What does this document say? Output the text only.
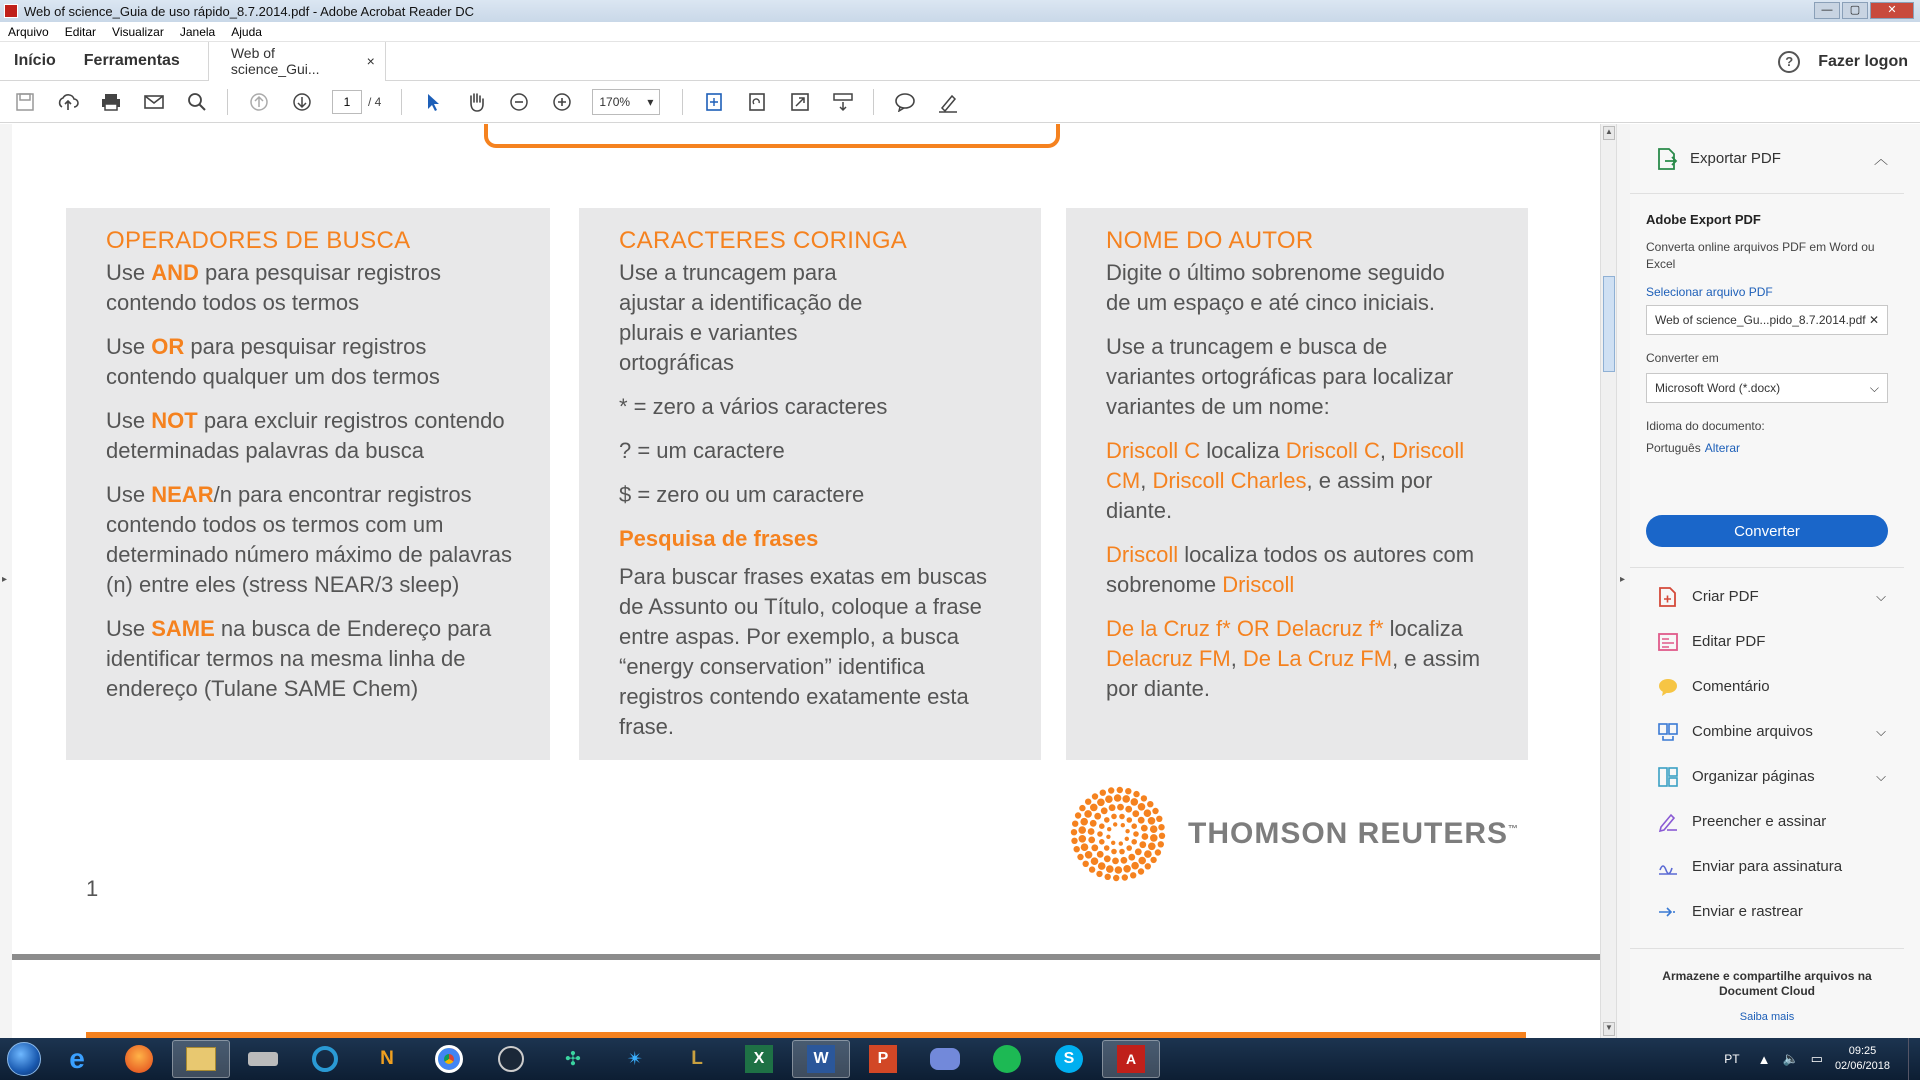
Web of science_Guia de uso rápido_8.7.2014.pdf - Adobe Acrobat Reader DC	—	▢	✕
Arquivo Editar Visualizar Janela Ajuda
Início	Ferramentas	Web of science_Gui...	×	?	Fazer logon
1
/ 4	170% ▾
▸
OPERADORES DE BUSCA

Use AND para pesquisar registros contendo todos os termos

Use OR para pesquisar registros contendo qualquer um dos termos

Use NOT para excluir registros contendo determinadas palavras da busca

Use NEAR/n para encontrar registros contendo todos os termos com um determinado número máximo de palavras (n) entre eles (stress NEAR/3 sleep)

Use SAME na busca de Endereço para identificar termos na mesma linha de endereço (Tulane SAME Chem)

CARACTERES CORINGA

Use a truncagem para ajustar a identificação de plurais e variantes ortográficas

* = zero a vários caracteres

? = um caractere

$ = zero ou um caractere

Pesquisa de frases

Para buscar frases exatas em buscas de Assunto ou Título, coloque a frase entre aspas. Por exemplo, a busca “energy conservation” identifica registros contendo exatamente esta frase.

NOME DO AUTOR

Digite o último sobrenome seguido de um espaço e até cinco iniciais.

Use a truncagem e busca de variantes ortográficas para localizar variantes de um nome:

Driscoll C localiza Driscoll C, Driscoll CM, Driscoll Charles, e assim por diante.

Driscoll localiza todos os autores com sobrenome Driscoll

De la Cruz f* OR Delacruz f* localiza Delacruz FM, De La Cruz FM, e assim por diante.

THOMSON REUTERS™
1
▲
▼
▸
Exportar PDF	︿
Adobe Export PDF
Converta online arquivos PDF em Word ou Excel
Selecionar arquivo PDF
Web of science_Gu...pido_8.7.2014.pdf ✕
Converter em
Microsoft Word (*.docx)	⌵
Idioma do documento:
Português Alterar
Converter
Criar PDF	⌵
Editar PDF
Comentário
Combine arquivos	⌵
Organizar páginas	⌵
Preencher e assinar
Enviar para assinatura
Enviar e rastrear
Armazene e compartilhe arquivos na Document Cloud
Saiba mais
e	N	✣ ✴	L	X	W	P	S	A	PT ▲ 🔈 ▭	09:25
02/06/2018
